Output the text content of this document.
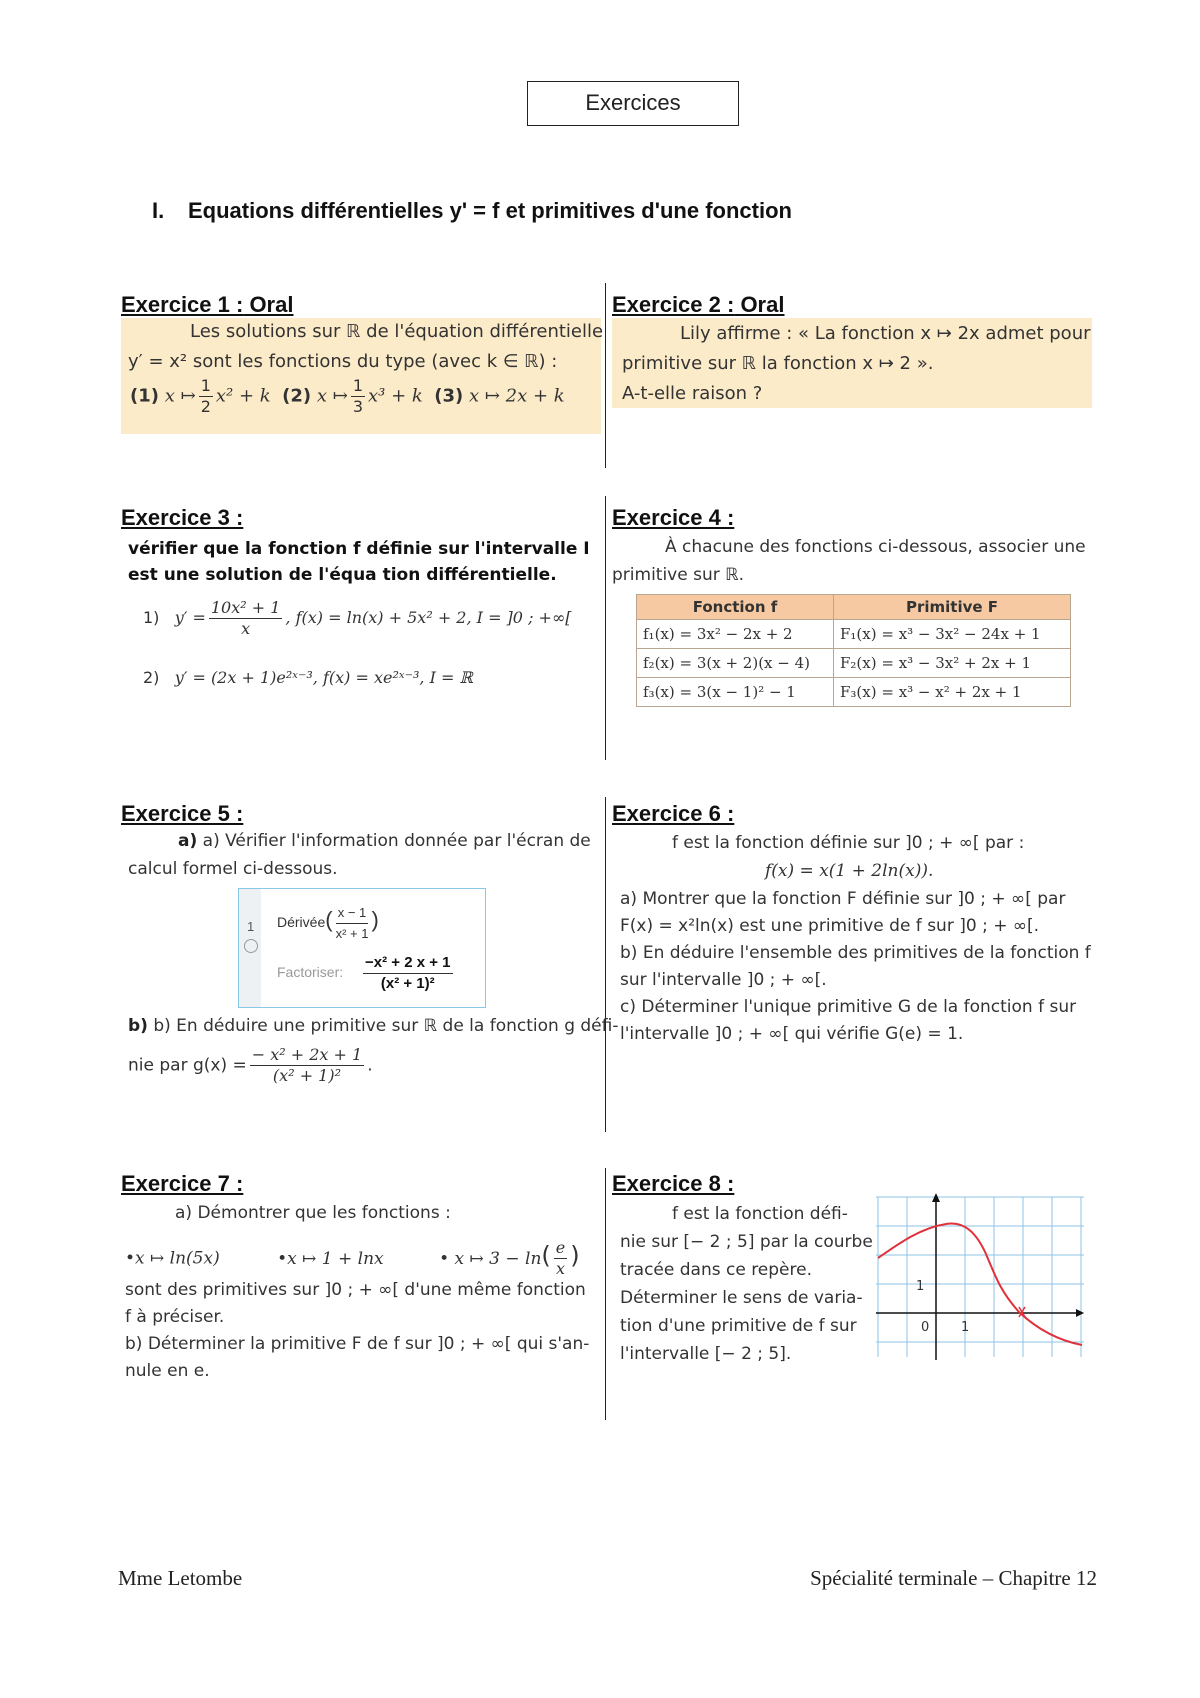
Exercices
I. Equations différentielles y' = f et primitives d'une fonction
Exercice 1 : Oral
Les solutions sur ℝ de l'équation différentielle
y′ = x² sont les fonctions du type (avec k ∈ ℝ) :
(1) x ↦ $\frac{1}{2} x^2 + k$ (2) x ↦ $\frac{1}{3} x^3 + k$ (3) x ↦ 2x + k
Exercice 2 : Oral
Lily affirme : « La fonction x ↦ 2x admet pour
primitive sur ℝ la fonction x ↦ 2 ».
A-t-elle raison ?
Exercice 3 :
vérifier que la fonction f définie sur l'intervalle I
est une solution de l'équa tion différentielle.
1) $y' = \frac{\text{10x² + 1}}{x}$ , f(x) = ln(x) + 5x² + 2, I = ]0 ; +∞[
2) y′ = (2x + 1)e²ˣ⁻³, f(x) = xe²ˣ⁻³, I = ℝ
Exercice 4 :
À chacune des fonctions ci-dessous, associer une
primitive sur ℝ.
Fonction f	Primitive F
f₁(x) = 3x² − 2x + 2	F₁(x) = x³ − 3x² − 24x + 1
f₂(x) = 3(x + 2)(x − 4)	F₂(x) = x³ − 3x² + 2x + 1
f₃(x) = 3(x − 1)² − 1	F₃(x) = x³ − x² + 2x + 1
Exercice 5 :
a) a) Vérifier l'information donnée par l'écran de
calcul formel ci-dessous.
1 Dérivée( $\frac{x - 1}{\text{x² + 1}}$ )
Factoriser: $\frac{\text{−x² + 2 x + 1}}{\text{(x² + 1)²}}$
b) b) En déduire une primitive sur ℝ de la fonction g défi-
nie par $g(x) = \frac{\text{− x² + 2x + 1}}{\text{(x² + 1)²}}$ .
Exercice 6 :
f est la fonction définie sur ]0 ; + ∞[ par :
f(x) = x(1 + 2ln(x)).
a) Montrer que la fonction F définie sur ]0 ; + ∞[ par
F(x) = x²ln(x) est une primitive de f sur ]0 ; + ∞[.
b) En déduire l'ensemble des primitives de la fonction f
sur l'intervalle ]0 ; + ∞[.
c) Déterminer l'unique primitive G de la fonction f sur
l'intervalle ]0 ; + ∞[ qui vérifie G(e) = 1.
Exercice 7 :
a) Démontrer que les fonctions :
•x ↦ ln(5x)	•x ↦ 1 + lnx	• x ↦ $3 - \ln( \frac{e}{x}$ )
sont des primitives sur ]0 ; + ∞[ d'une même fonction
f à préciser.
b) Déterminer la primitive F de f sur ]0 ; + ∞[ qui s'an-
nule en e.
Exercice 8 :
f est la fonction défi-
nie sur [− 2 ; 5] par la courbe
tracée dans ce repère.
Déterminer le sens de varia-
tion d'une primitive de f sur
l'intervalle [− 2 ; 5].
1
0 1
Mme Letombe	Spécialité terminale – Chapitre 12
